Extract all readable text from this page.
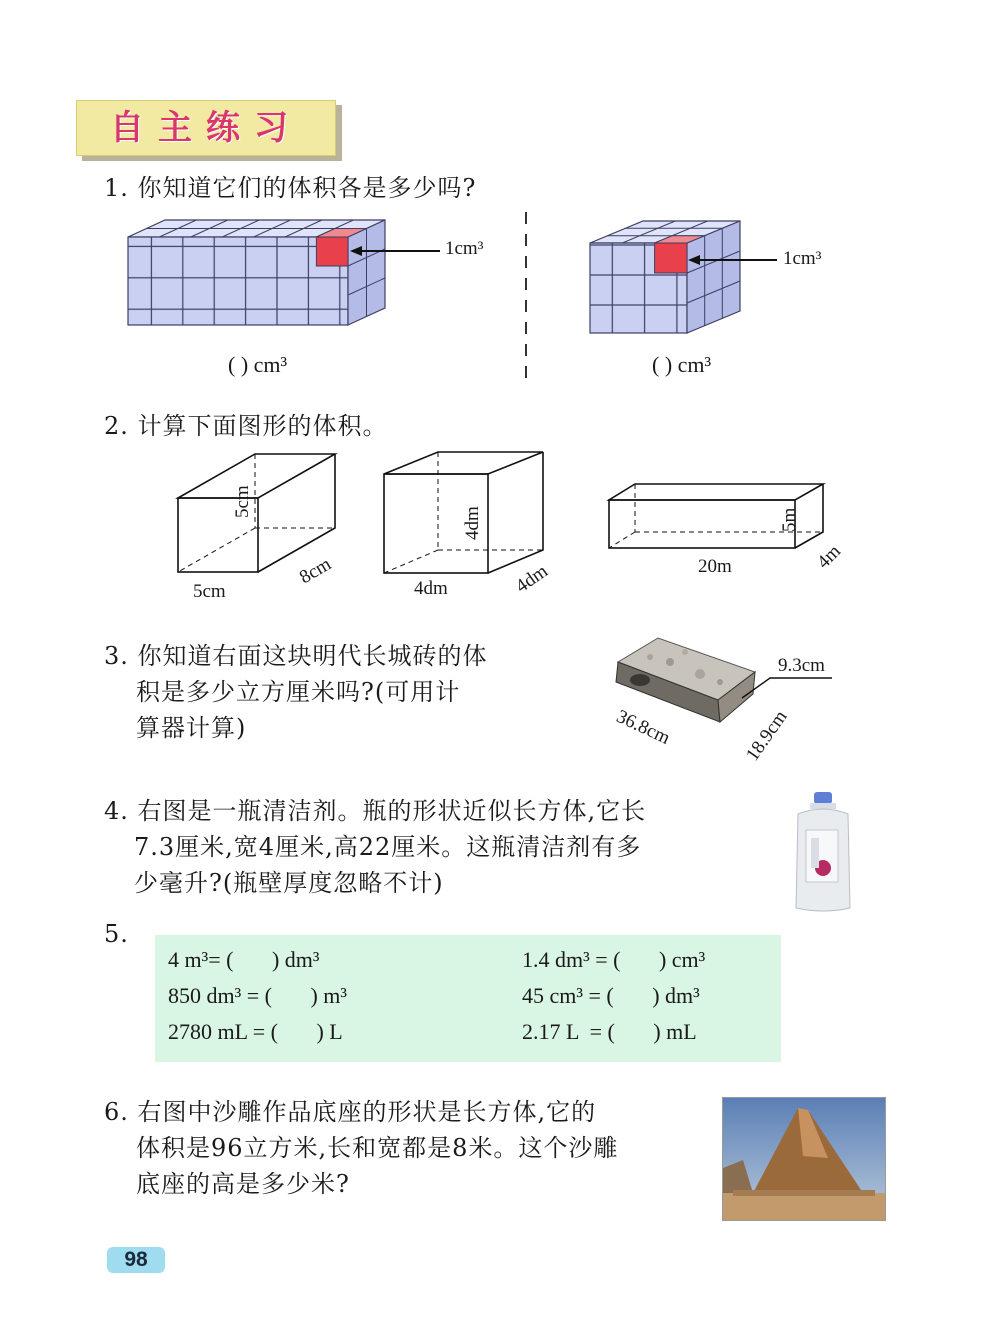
自主练习
1. 你知道它们的体积各是多少吗?
1cm³
( ) cm³
1cm³
( ) cm³
2. 计算下面图形的体积。
5cm
5cm
8cm
4dm
4dm	4dm
5m
20m	4m
3. 你知道右面这块明代长城砖的体
积是多少立方厘米吗?(可用计
算器计算)
9.3cm
36.8cm	18.9cm
4. 右图是一瓶清洁剂。瓶的形状近似长方体,它长
7.3厘米,宽4厘米,高22厘米。这瓶清洁剂有多
少毫升?(瓶壁厚度忽略不计)
5.
4 m³= (       ) dm³	1.4 dm³ = (       ) cm³
850 dm³ = (       ) m³	45 cm³ = (       ) dm³
2780 mL = (       ) L	2.17 L  = (       ) mL
6. 右图中沙雕作品底座的形状是长方体,它的
体积是96立方米,长和宽都是8米。这个沙雕
底座的高是多少米?
98
